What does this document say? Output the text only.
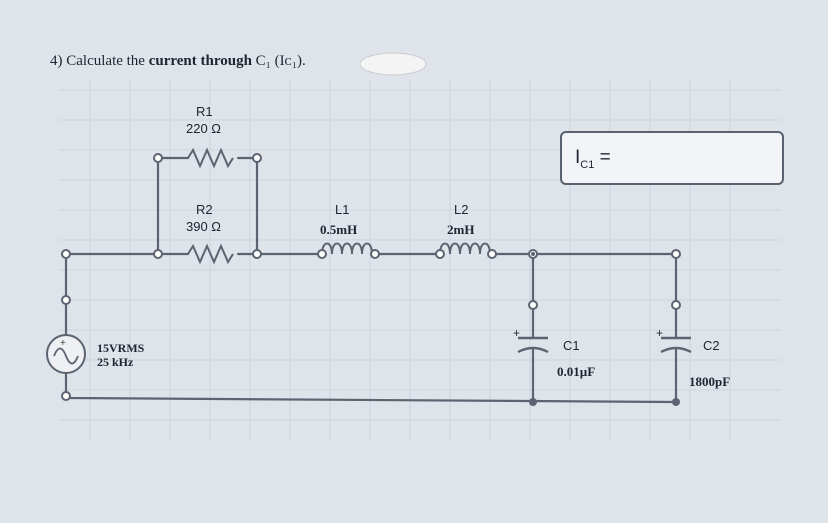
+
4) Calculate the current through C₁ (Iᴄ₁).
$I_{C1}$ =
R1
220 Ω
R2
390 Ω
L1
0.5mH
L2
2mH
+
C1
0.01µF
+
C2
1800pF
15VRMS
25 kHz
